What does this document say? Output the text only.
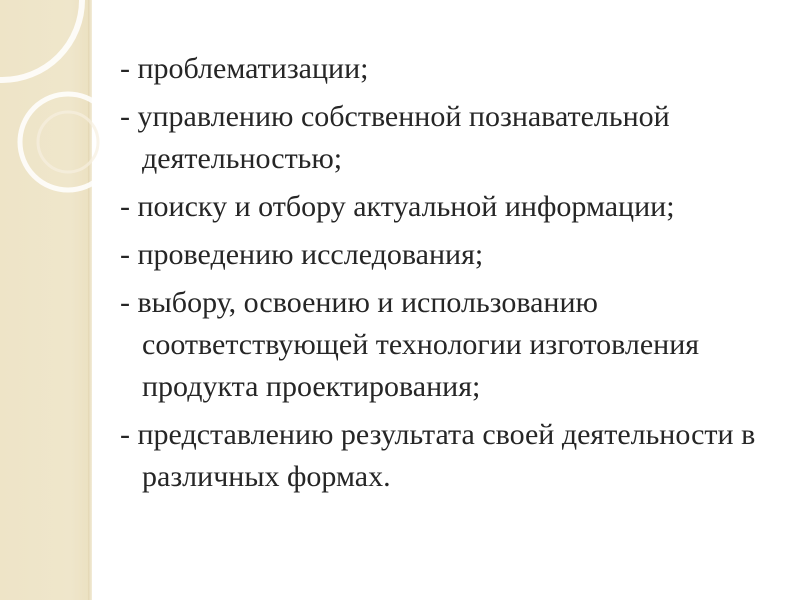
- проблематизации;
- управлению собственной познавательной деятельностью;
- поиску и отбору актуальной информации;
- проведению исследования;
- выбору, освоению и использованию соответствующей технологии изготовления продукта проектирования;
- представлению результата своей деятельности в различных формах.
